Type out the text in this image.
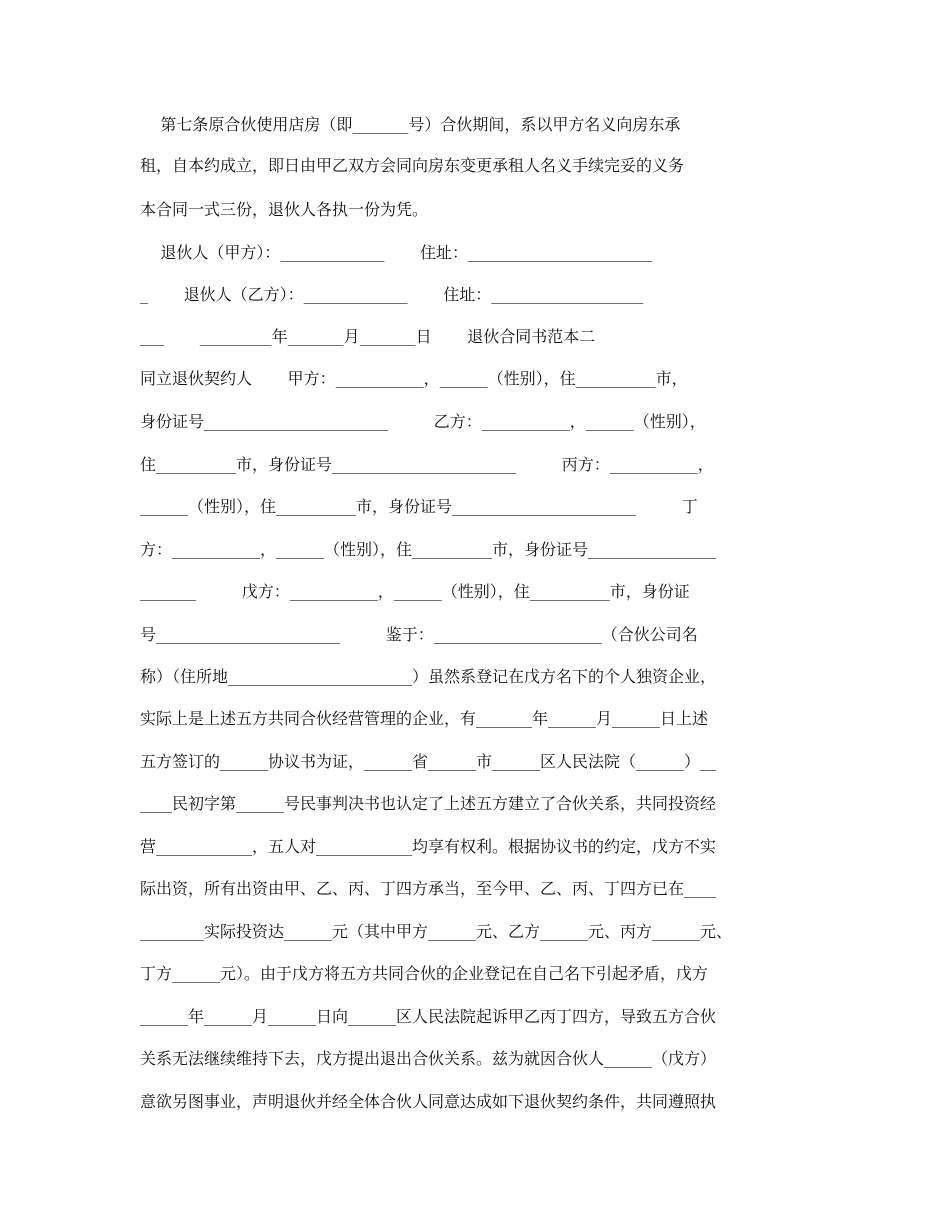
第七条原合伙使用店房（即_______号）合伙期间，系以甲方名义向房东承
租，自本约成立，即日由甲乙双方会同向房东变更承租人名义手续完妥的义务
本合同一式三份，退伙人各执一份为凭。
退伙人（甲方）：_____________       住址：_______________________
_       退伙人（乙方）：_____________       住址：___________________
___       _________年_______月_______日       退伙合同书范本二
同立退伙契约人       甲方：___________，______（性别），住__________市，
身份证号_______________________         乙方：___________，______（性别），
住__________市，身份证号_______________________         丙方：___________，
______（性别），住__________市，身份证号_______________________         丁
方：___________，______（性别），住__________市，身份证号________________
_______         戊方：___________，______（性别），住__________市，身份证
号_______________________         鉴于：_____________________（合伙公司名
称）（住所地_______________________）虽然系登记在戊方名下的个人独资企业，
实际上是上述五方共同合伙经营管理的企业，有_______年______月______日上述
五方签订的______协议书为证，______省______市______区人民法院（______）__
____民初字第______号民事判决书也认定了上述五方建立了合伙关系，共同投资经
营____________，五人对____________均享有权利。根据协议书的约定，戊方不实
际出资，所有出资由甲、乙、丙、丁四方承当，至今甲、乙、丙、丁四方已在____
________实际投资达______元（其中甲方______元、乙方______元、丙方______元、
丁方______元）。由于戊方将五方共同合伙的企业登记在自己名下引起矛盾，戊方
______年______月______日向______区人民法院起诉甲乙丙丁四方，导致五方合伙
关系无法继续维持下去，戊方提出退出合伙关系。兹为就因合伙人______（戊方）
意欲另图事业，声明退伙并经全体合伙人同意达成如下退伙契约条件，共同遵照执
